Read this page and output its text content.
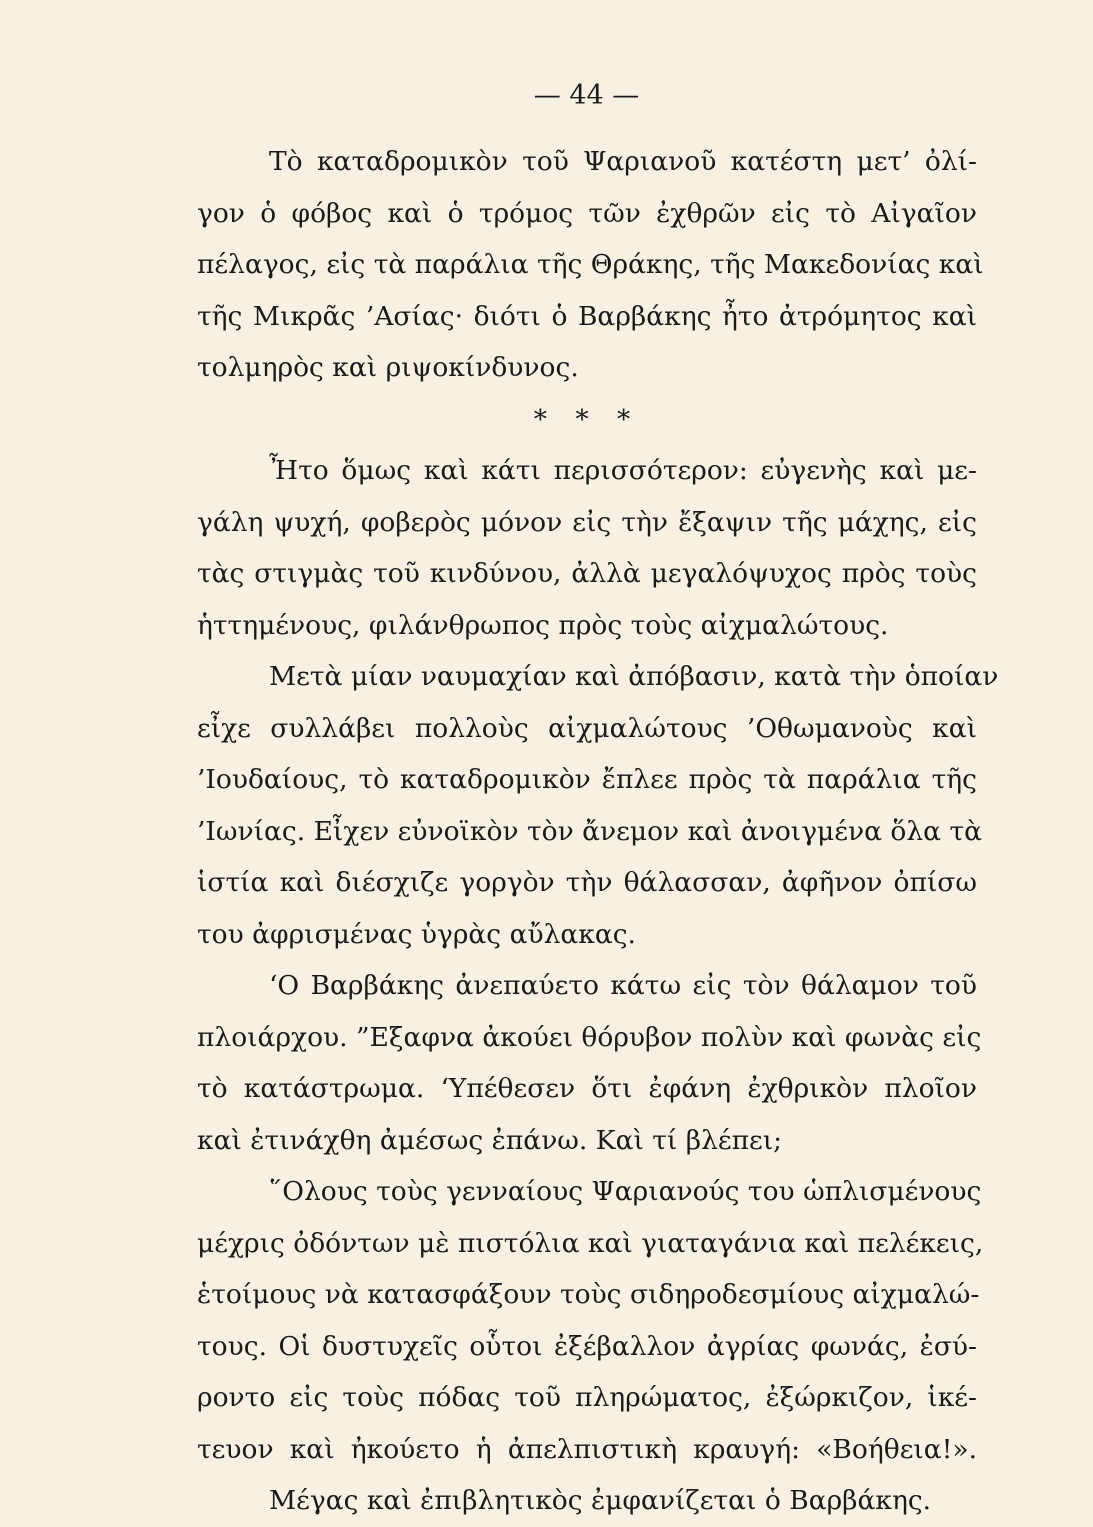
— 44 —
Τὸ καταδρομικὸν τοῦ Ψαριανοῦ κατέστη μετ’ ὀλί-
γον ὁ φόβος καὶ ὁ τρόμος τῶν ἐχθρῶν εἰς τὸ Αἰγαῖον
πέλαγος, εἰς τὰ παράλια τῆς Θράκης, τῆς Μακεδονίας καὶ
τῆς Μικρᾶς ’Ασίας· διότι ὁ Βαρβάκης ἦτο ἀτρόμητος καὶ
τολμηρὸς καὶ ριψοκίνδυνος.
* * *
Ἦτο ὅμως καὶ κάτι περισσότερον: εὐγενὴς καὶ με-
γάλη ψυχή, φοβερὸς μόνον εἰς τὴν ἔξαψιν τῆς μάχης, εἰς
τὰς στιγμὰς τοῦ κινδύνου, ἀλλὰ μεγαλόψυχος πρὸς τοὺς
ἡττημένους, φιλάνθρωπος πρὸς τοὺς αἰχμαλώτους.
Μετὰ μίαν ναυμαχίαν καὶ ἀπόβασιν, κατὰ τὴν ὁποίαν
εἶχε συλλάβει πολλοὺς αἰχμαλώτους ’Οθωμανοὺς καὶ
’Ιουδαίους, τὸ καταδρομικὸν ἔπλεε πρὸς τὰ παράλια τῆς
’Ιωνίας. Εἶχεν εὐνοϊκὸν τὸν ἄνεμον καὶ ἀνοιγμένα ὅλα τὰ
ἱστία καὶ διέσχιζε γοργὸν τὴν θάλασσαν, ἀφῆνον ὀπίσω
του ἀφρισμένας ὑγρὰς αὔλακας.
‘Ο Βαρβάκης ἀνεπαύετο κάτω εἰς τὸν θάλαμον τοῦ
πλοιάρχου. ”Εξαφνα ἀκούει θόρυβον πολὺν καὶ φωνὰς εἰς
τὸ κατάστρωμα. ‘Υπέθεσεν ὅτι ἐφάνη ἐχθρικὸν πλοῖον
καὶ ἐτινάχθη ἀμέσως ἐπάνω. Καὶ τί βλέπει;
῞Ολους τοὺς γενναίους Ψαριανούς του ὡπλισμένους
μέχρις ὀδόντων μὲ πιστόλια καὶ γιαταγάνια καὶ πελέκεις,
ἑτοίμους νὰ κατασφάξουν τοὺς σιδηροδεσμίους αἰχμαλώ-
τους. Οἱ δυστυχεῖς οὗτοι ἐξέβαλλον ἀγρίας φωνάς, ἐσύ-
ροντο εἰς τοὺς πόδας τοῦ πληρώματος, ἐξώρκιζον, ἱκέ-
τευον καὶ ἠκούετο ἡ ἀπελπιστικὴ κραυγή: «Βοήθεια!».
Μέγας καὶ ἐπιβλητικὸς ἐμφανίζεται ὁ Βαρβάκης.
